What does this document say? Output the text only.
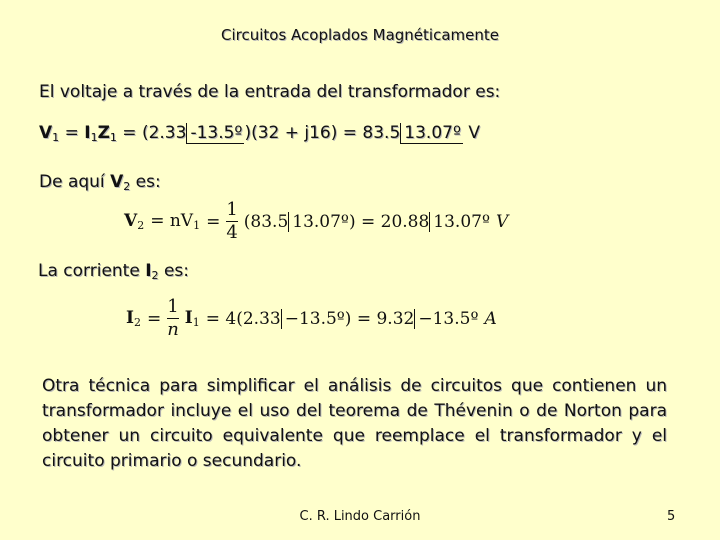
Circuitos Acoplados Magnéticamente
El voltaje a través de la entrada del transformador es:
$V_1 = I_1Z_1 = (2.33$ -13.5º )(32 + j16) = 83.5 13.07º V
De aquí $V_2$ es:
$V_2 = nV_1 = \frac{1}{4} (83.5$ 13.07º) = 20.88 13.07º V
La corriente $I_2$ es:
$I_2 = \frac{1}{n} I_1 = 4(2.33$ −13.5º) = 9.32 −13.5º A
Otra técnica para simplificar el análisis de circuitos que contienen un transformador incluye el uso del teorema de Thévenin o de Norton para obtener un circuito equivalente que reemplace el transformador y el circuito primario o secundario.
C. R. Lindo Carrión	5
